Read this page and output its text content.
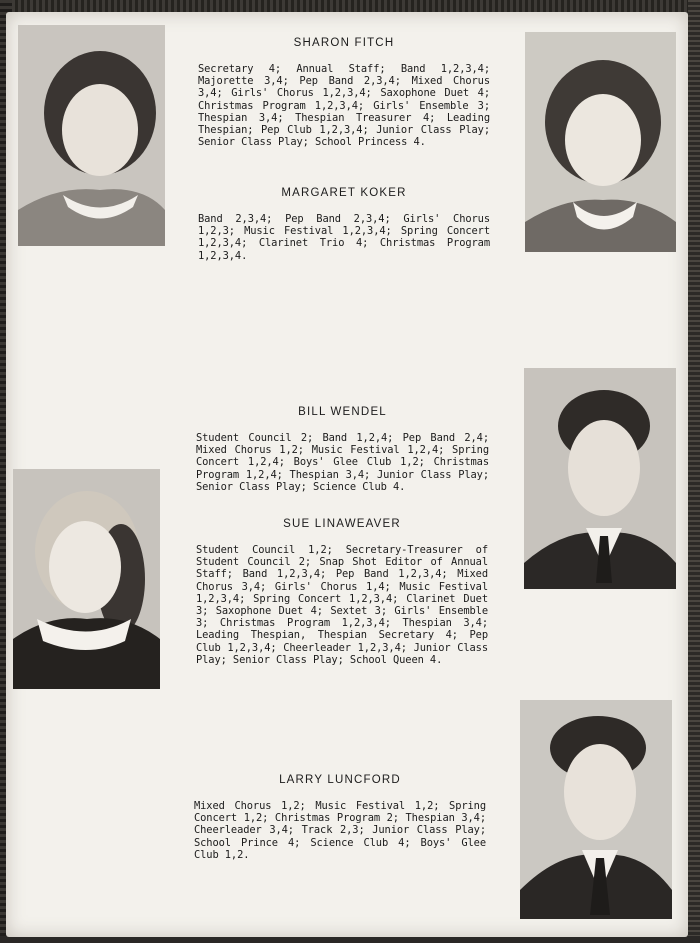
SHARON FITCH

Secretary 4; Annual Staff; Band 1,2,3,4; Majorette 3,4; Pep Band 2,3,4; Mixed Chorus 3,4; Girls' Chorus 1,2,3,4; Saxophone Duet 4; Christmas Program 1,2,3,4; Girls' Ensemble 3; Thespian 3,4; Thespian Treasurer 4; Leading Thespian; Pep Club 1,2,3,4; Junior Class Play; Senior Class Play; School Princess 4.

MARGARET KOKER

Band 2,3,4; Pep Band 2,3,4; Girls' Chorus 1,2,3; Music Festival 1,2,3,4; Spring Concert 1,2,3,4; Clarinet Trio 4; Christmas Program 1,2,3,4.

BILL WENDEL

Student Council 2; Band 1,2,4; Pep Band 2,4; Mixed Chorus 1,2; Music Festival 1,2,4; Spring Concert 1,2,4; Boys' Glee Club 1,2; Christmas Program 1,2,4; Thespian 3,4; Junior Class Play; Senior Class Play; Science Club 4.

SUE LINAWEAVER

Student Council 1,2; Secretary-Treasurer of Student Council 2; Snap Shot Editor of Annual Staff; Band 1,2,3,4; Pep Band 1,2,3,4; Mixed Chorus 3,4; Girls' Chorus 1,4; Music Festival 1,2,3,4; Spring Concert 1,2,3,4; Clarinet Duet 3; Saxophone Duet 4; Sextet 3; Girls' Ensemble 3; Christmas Program 1,2,3,4; Thespian 3,4; Leading Thespian, Thespian Secretary 4; Pep Club 1,2,3,4; Cheerleader 1,2,3,4; Junior Class Play; Senior Class Play; School Queen 4.

LARRY LUNCFORD

Mixed Chorus 1,2; Music Festival 1,2; Spring Concert 1,2; Christmas Program 2; Thespian 3,4; Cheerleader 3,4; Track 2,3; Junior Class Play; School Prince 4; Science Club 4; Boys' Glee Club 1,2.
